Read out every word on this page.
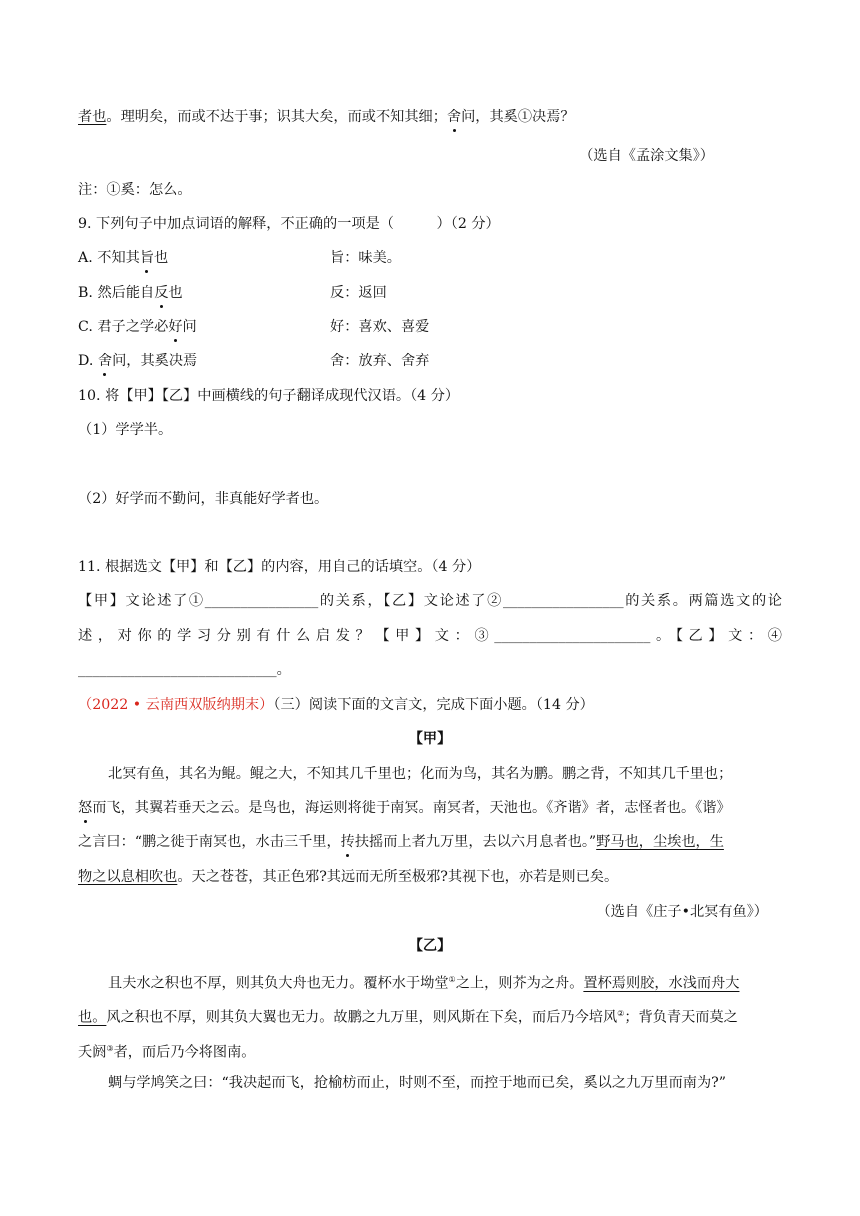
者也。理明矣，而或不达于事；识其大矣，而或不知其细；舍问，其奚①决焉？
（选自《孟涂文集》）
注：①奚：怎么。
9. 下列句子中加点词语的解释，不正确的一项是（　　　）（2 分）
A. 不知其旨也	旨：味美。
B. 然后能自反也	反：返回
C. 君子之学必好问	好：喜欢、喜爱
D. 舍问，其奚决焉	舍：放弃、舍弃
10. 将【甲】【乙】中画横线的句子翻译成现代汉语。（4 分）
（1）学学半。
（2）好学而不勤问，非真能好学者也。
11. 根据选文【甲】和【乙】的内容，用自己的话填空。（4 分）
【甲】文论述了①________________的关系，【乙】文论述了②_________________的关系。两篇选文的论
述，对你的学习分别有什么启发？【甲】文：③______________________。【乙】文：④
____________________________。
（2022 • 云南西双版纳期末）（三）阅读下面的文言文，完成下面小题。（14 分）
【甲】
北冥有鱼，其名为鲲。鲲之大，不知其几千里也；化而为鸟，其名为鹏。鹏之背，不知其几千里也；
怒而飞，其翼若垂天之云。是鸟也，海运则将徙于南冥。南冥者，天池也。《齐谐》者，志怪者也。《谐》
之言曰：“鹏之徙于南冥也，水击三千里，抟扶摇而上者九万里，去以六月息者也。”野马也，尘埃也，生
物之以息相吹也。天之苍苍，其正色邪?其远而无所至极邪?其视下也，亦若是则已矣。
（选自《庄子•北冥有鱼》）
【乙】
且夫水之积也不厚，则其负大舟也无力。覆杯水于坳堂①之上，则芥为之舟。置杯焉则胶，水浅而舟大
也。风之积也不厚，则其负大翼也无力。故鹏之九万里，则风斯在下矣，而后乃今培风②；背负青天而莫之
夭阏③者，而后乃今将图南。
蜩与学鸠笑之曰：“我决起而飞，抢榆枋而止，时则不至，而控于地而已矣，奚以之九万里而南为?”
